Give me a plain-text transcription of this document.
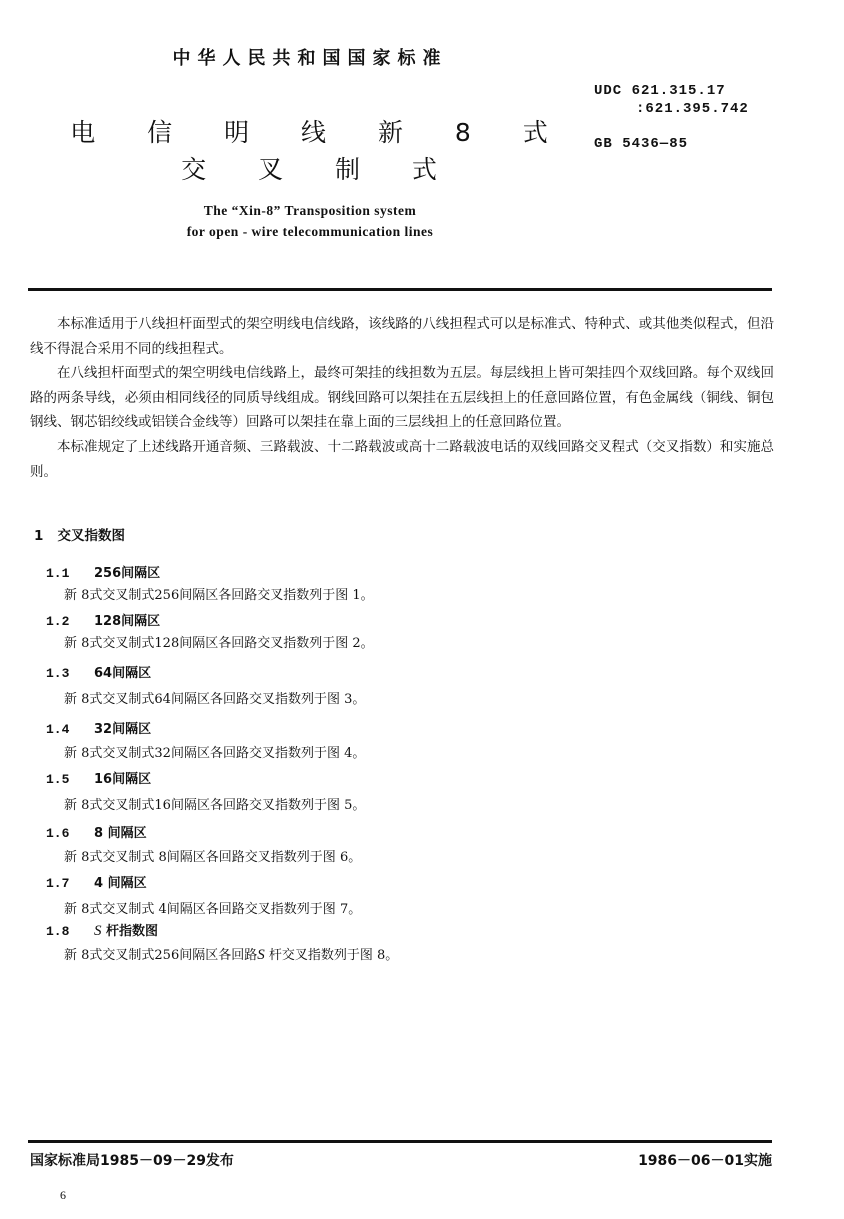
中华人民共和国国家标准
UDC 621.315.17
:621.395.742
GB 5436—85
电 信 明 线 新 8 式
交 叉 制 式
The “Xin-8” Transposition system
for open - wire telecommunication lines

本标准适用于八线担杆面型式的架空明线电信线路，该线路的八线担程式可以是标准式、特种式、或其他类似程式，但沿线不得混合采用不同的线担程式。

在八线担杆面型式的架空明线电信线路上，最终可架挂的线担数为五层。每层线担上皆可架挂四个双线回路。每个双线回路的两条导线，必须由相同线径的同质导线组成。钢线回路可以架挂在五层线担上的任意回路位置，有色金属线（铜线、铜包钢线、钢芯铝绞线或铝镁合金线等）回路可以架挂在靠上面的三层线担上的任意回路位置。

本标准规定了上述线路开通音频、三路载波、十二路载波或高十二路载波电话的双线回路交叉程式（交叉指数）和实施总则。

1 交叉指数图
1.1 256间隔区
新 8式交叉制式256间隔区各回路交叉指数列于图 1。
1.2 128间隔区
新 8式交叉制式128间隔区各回路交叉指数列于图 2。
1.3 64间隔区
新 8式交叉制式64间隔区各回路交叉指数列于图 3。
1.4 32间隔区
新 8式交叉制式32间隔区各回路交叉指数列于图 4。
1.5 16间隔区
新 8式交叉制式16间隔区各回路交叉指数列于图 5。
1.6 8 间隔区
新 8式交叉制式 8间隔区各回路交叉指数列于图 6。
1.7 4 间隔区
新 8式交叉制式 4间隔区各回路交叉指数列于图 7。
1.8 S 杆指数图
新 8式交叉制式256间隔区各回路S 杆交叉指数列于图 8。
国家标准局1985－09－29发布	1986－06－01实施
6
